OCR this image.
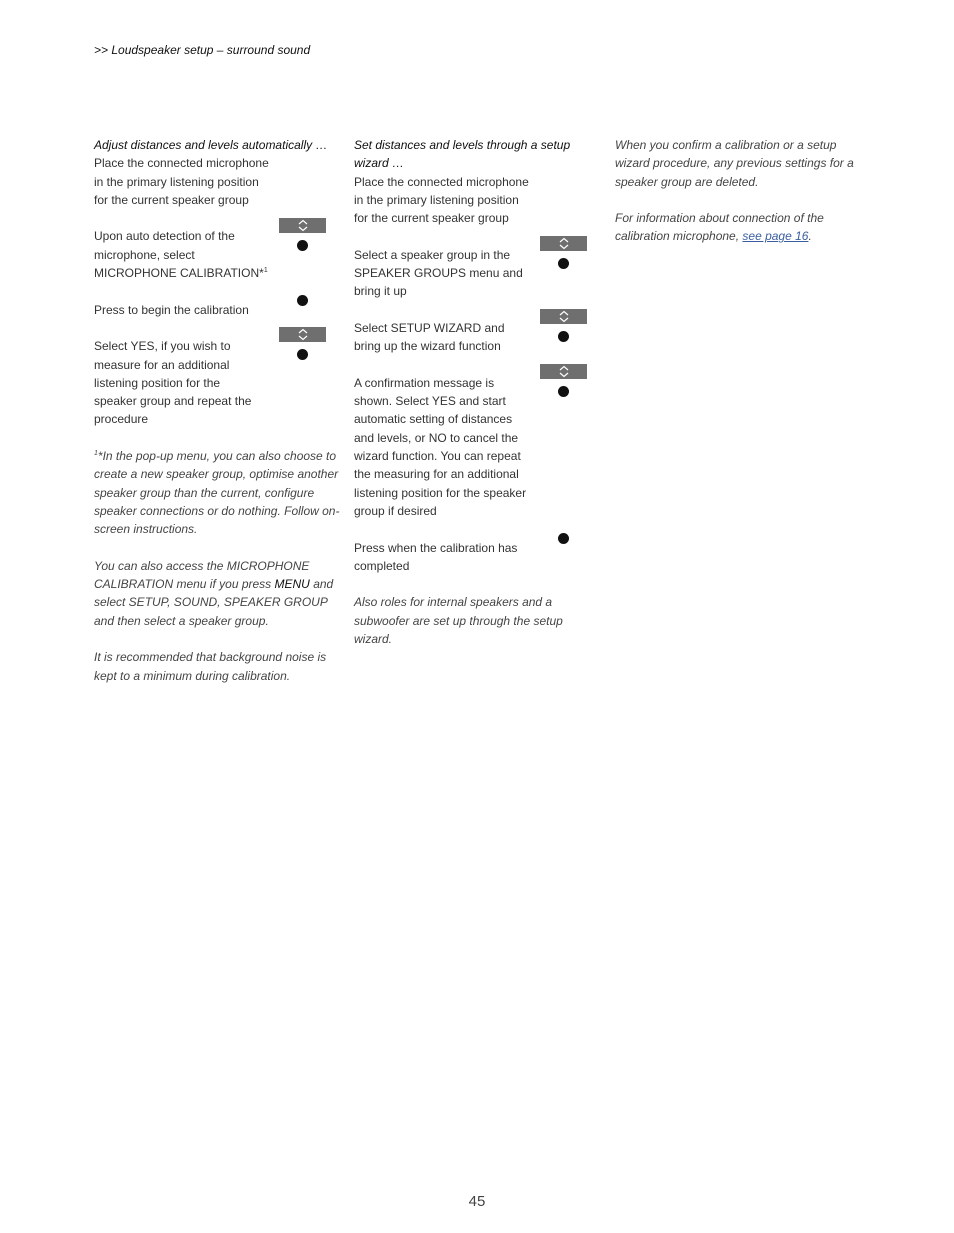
>> Loudspeaker setup – surround sound
Adjust distances and levels automatically …
Place the connected microphone in the primary listening position for the current speaker group
Upon auto detection of the microphone, select MICROPHONE CALIBRATION*$^1$
Press to begin the calibration
Select YES, if you wish to measure for an additional listening position for the speaker group and repeat the procedure
$^1$*In the pop-up menu, you can also choose to create a new speaker group, optimise another speaker group than the current, configure speaker connections or do nothing. Follow on-screen instructions.
You can also access the MICROPHONE CALIBRATION menu if you press MENU and select SETUP, SOUND, SPEAKER GROUP and then select a speaker group.
It is recommended that background noise is kept to a minimum during calibration.
Set distances and levels through a setup wizard …
Place the connected microphone in the primary listening position for the current speaker group
Select a speaker group in the SPEAKER GROUPS menu and bring it up
Select SETUP WIZARD and bring up the wizard function
A confirmation message is shown. Select YES and start automatic setting of distances and levels, or NO to cancel the wizard function. You can repeat the measuring for an additional listening position for the speaker group if desired
Press when the calibration has completed
Also roles for internal speakers and a subwoofer are set up through the setup wizard.
When you confirm a calibration or a setup wizard procedure, any previous settings for a speaker group are deleted.
For information about connection of the calibration microphone, see page 16.
45
